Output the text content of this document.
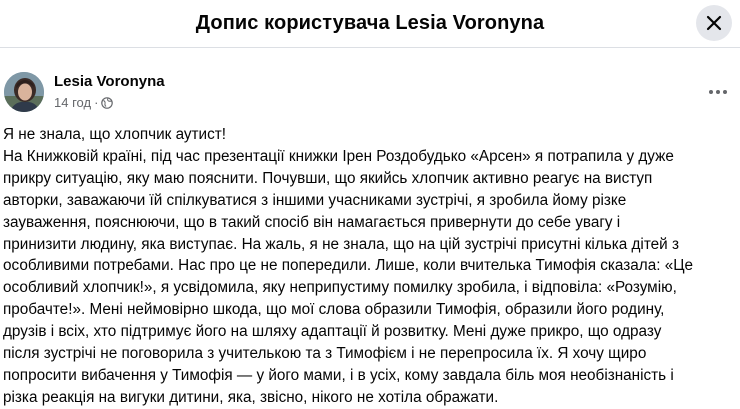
Допис користувача Lesia Voronyna
Lesia Voronyna
14 год ·

Я не знала, що хлопчик аутист!

На Книжковій країні, під час презентації книжки Ірен Роздобудько «Арсен» я потрапила у дуже

прикру ситуацію, яку маю пояснити. Почувши, що якийсь хлопчик активно реагує на виступ

авторки, заважаючи їй спілкуватися з іншими учасниками зустрічі, я зробила йому різке

зауваження, пояснюючи, що в такий спосіб він намагається привернути до себе увагу і

принизити людину, яка виступає. На жаль, я не знала, що на цій зустрічі присутні кілька дітей з

особливими потребами. Нас про це не попередили. Лише, коли вчителька Тимофія сказала: «Це

особливий хлопчик!», я усвідомила, яку неприпустиму помилку зробила, і відповіла: «Розумію,

пробачте!». Мені неймовірно шкода, що мої слова образили Тимофія, образили його родину,

друзів і всіх, хто підтримує його на шляху адаптації й розвитку. Мені дуже прикро, що одразу

після зустрічі не поговорила з учителькою та з Тимофієм і не перепросила їх. Я хочу щиро

попросити вибачення у Тимофія — у його мами, і в усіх, кому завдала біль моя необізнаність і

різка реакція на вигуки дитини, яка, звісно, нікого не хотіла ображати.
